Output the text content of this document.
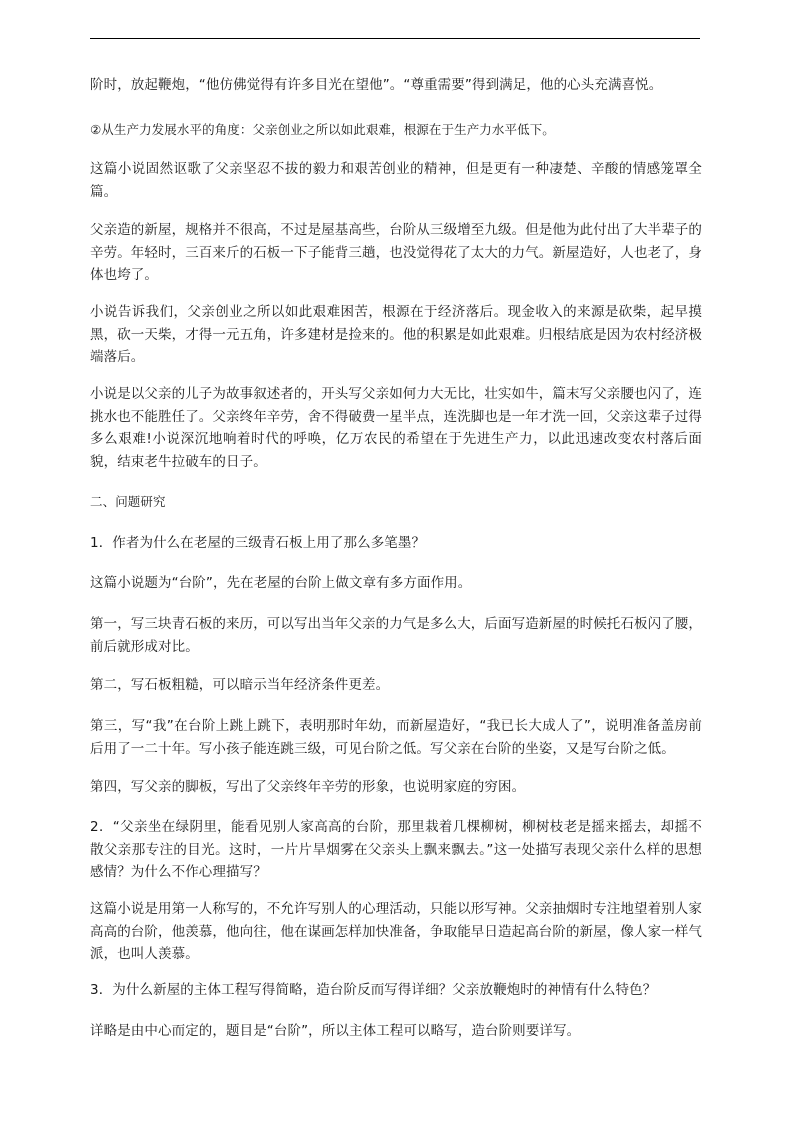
阶时，放起鞭炮，“他仿佛觉得有许多目光在望他”。“尊重需要”得到满足，他的心头充满喜悦。

②从生产力发展水平的角度：父亲创业之所以如此艰难，根源在于生产力水平低下。

这篇小说固然讴歌了父亲坚忍不拔的毅力和艰苦创业的精神，但是更有一种凄楚、辛酸的情感笼罩全篇。

父亲造的新屋，规格并不很高，不过是屋基高些，台阶从三级增至九级。但是他为此付出了大半辈子的辛劳。年轻时，三百来斤的石板一下子能背三趟，也没觉得花了太大的力气。新屋造好，人也老了，身体也垮了。

小说告诉我们，父亲创业之所以如此艰难困苦，根源在于经济落后。现金收入的来源是砍柴，起早摸黑，砍一天柴，才得一元五角，许多建材是捡来的。他的积累是如此艰难。归根结底是因为农村经济极端落后。

小说是以父亲的儿子为故事叙述者的，开头写父亲如何力大无比，壮实如牛，篇末写父亲腰也闪了，连挑水也不能胜任了。父亲终年辛劳，舍不得破费一星半点，连洗脚也是一年才洗一回，父亲这辈子过得多么艰难!小说深沉地响着时代的呼唤，亿万农民的希望在于先进生产力，以此迅速改变农村落后面貌，结束老牛拉破车的日子。

二、问题研究

1．作者为什么在老屋的三级青石板上用了那么多笔墨？

这篇小说题为“台阶”，先在老屋的台阶上做文章有多方面作用。

第一，写三块青石板的来历，可以写出当年父亲的力气是多么大，后面写造新屋的时候托石板闪了腰，前后就形成对比。

第二，写石板粗糙，可以暗示当年经济条件更差。

第三，写“我”在台阶上跳上跳下，表明那时年幼，而新屋造好，“我已长大成人了”，说明准备盖房前后用了一二十年。写小孩子能连跳三级，可见台阶之低。写父亲在台阶的坐姿，又是写台阶之低。

第四，写父亲的脚板，写出了父亲终年辛劳的形象，也说明家庭的穷困。

2．“父亲坐在绿阴里，能看见别人家高高的台阶，那里栽着几棵柳树，柳树枝老是摇来摇去，却摇不散父亲那专注的目光。这时，一片片旱烟雾在父亲头上飘来飘去。”这一处描写表现父亲什么样的思想感情？为什么不作心理描写？

这篇小说是用第一人称写的，不允许写别人的心理活动，只能以形写神。父亲抽烟时专注地望着别人家高高的台阶，他羡慕，他向往，他在谋画怎样加快准备，争取能早日造起高台阶的新屋，像人家一样气派，也叫人羡慕。

3．为什么新屋的主体工程写得简略，造台阶反而写得详细？父亲放鞭炮时的神情有什么特色？

详略是由中心而定的，题目是“台阶”，所以主体工程可以略写，造台阶则要详写。
